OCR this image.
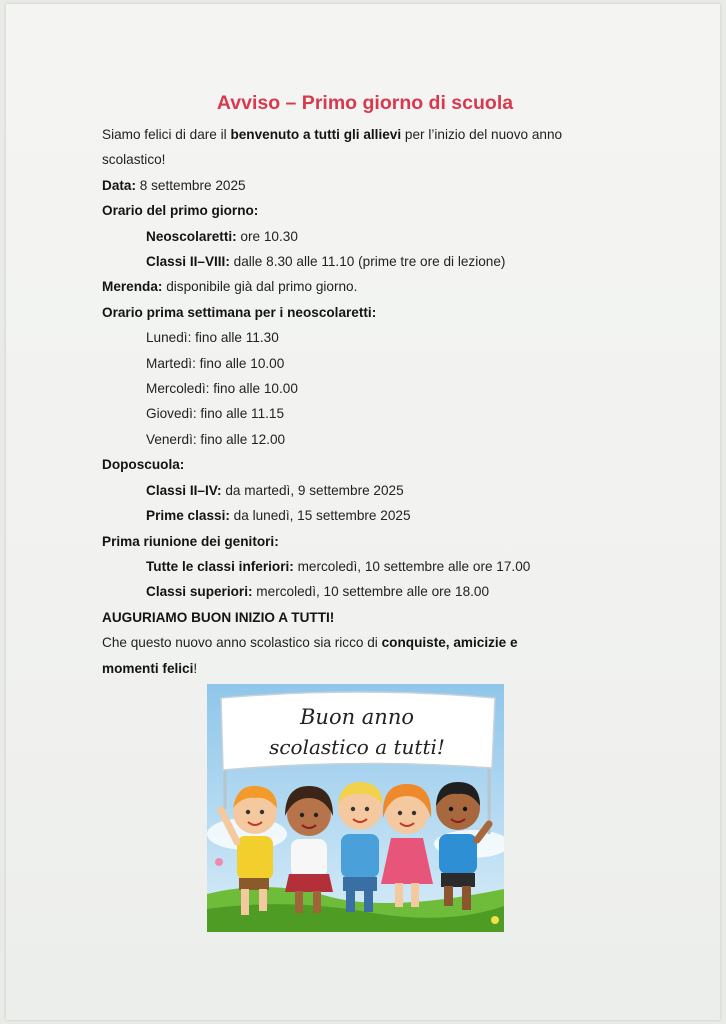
Avviso – Primo giorno di scuola

Siamo felici di dare il benvenuto a tutti gli allievi per l’inizio del nuovo anno scolastico!

Data: 8 settembre 2025

Orario del primo giorno:

Neoscolaretti: ore 10.30

Classi II–VIII: dalle 8.30 alle 11.10 (prime tre ore di lezione)

Merenda: disponibile già dal primo giorno.

Orario prima settimana per i neoscolaretti:

Lunedì: fino alle 11.30

Martedì: fino alle 10.00

Mercoledì: fino alle 10.00

Giovedì: fino alle 11.15

Venerdì: fino alle 12.00

Doposcuola:

Classi II–IV: da martedì, 9 settembre 2025

Prime classi: da lunedì, 15 settembre 2025

Prima riunione dei genitori:

Tutte le classi inferiori: mercoledì, 10 settembre alle ore 17.00

Classi superiori: mercoledì, 10 settembre alle ore 18.00

AUGURIAMO BUON INIZIO A TUTTI!

Che questo nuovo anno scolastico sia ricco di conquiste, amicizie e momenti felici!

Buon anno
scolastico a tutti!
